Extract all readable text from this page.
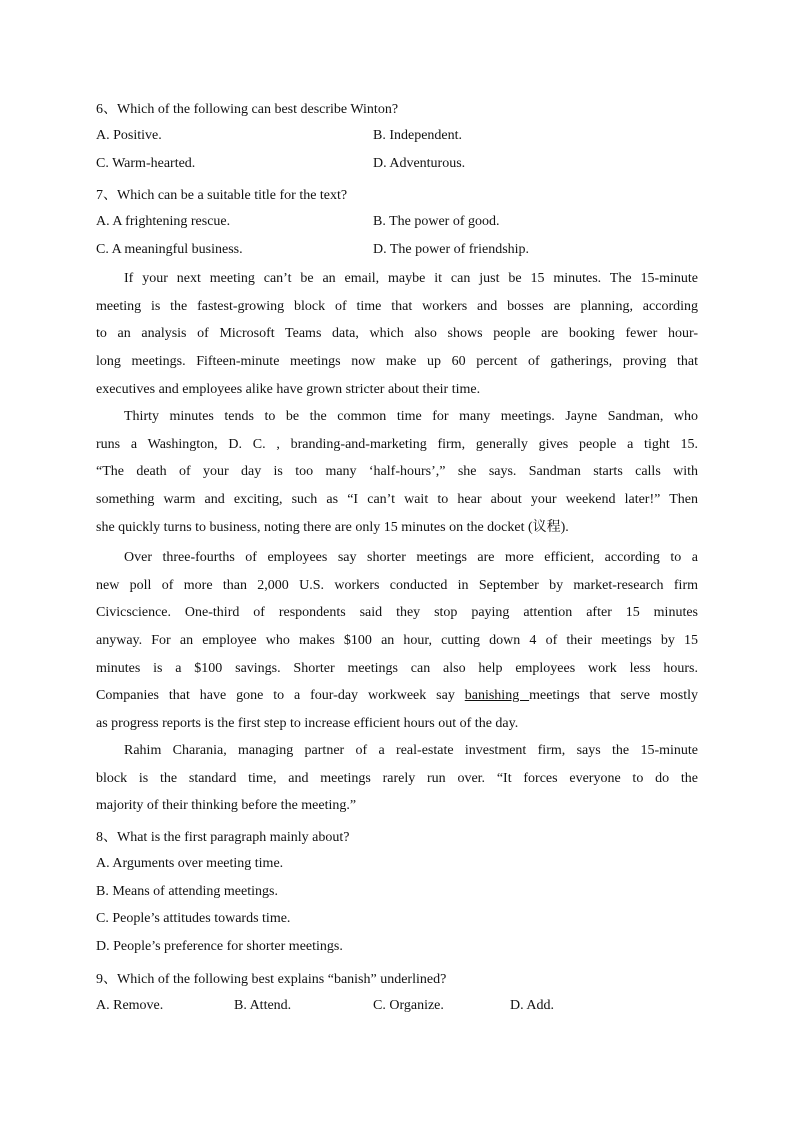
6、Which of the following can best describe Winton?
A. Positive.	B. Independent.
C. Warm-hearted.	D. Adventurous.
7、Which can be a suitable title for the text?
A. A frightening rescue.	B. The power of good.
C. A meaningful business.	D. The power of friendship.
If your next meeting can’t be an email, maybe it can just be 15 minutes. The 15-minute
meeting is the fastest-growing block of time that workers and bosses are planning, according
to an analysis of Microsoft Teams data, which also shows people are booking fewer hour-
long meetings. Fifteen-minute meetings now make up 60 percent of gatherings, proving that
executives and employees alike have grown stricter about their time.
Thirty minutes tends to be the common time for many meetings. Jayne Sandman, who
runs a Washington, D. C. , branding-and-marketing firm, generally gives people a tight 15.
“The death of your day is too many ‘half-hours’,” she says. Sandman starts calls with
something warm and exciting, such as “I can’t wait to hear about your weekend later!” Then
she quickly turns to business, noting there are only 15 minutes on the docket (议程).
Over three-fourths of employees say shorter meetings are more efficient, according to a
new poll of more than 2,000 U.S. workers conducted in September by market-research firm
Civicscience. One-third of respondents said they stop paying attention after 15 minutes
anyway. For an employee who makes $100 an hour, cutting down 4 of their meetings by 15
minutes is a $100 savings. Shorter meetings can also help employees work less hours.
Companies that have gone to a four-day workweek say banishing meetings that serve mostly
as progress reports is the first step to increase efficient hours out of the day.
Rahim Charania, managing partner of a real-estate investment firm, says the 15-minute
block is the standard time, and meetings rarely run over. “It forces everyone to do the
majority of their thinking before the meeting.”
8、What is the first paragraph mainly about?
A. Arguments over meeting time.
B. Means of attending meetings.
C. People’s attitudes towards time.
D. People’s preference for shorter meetings.
9、Which of the following best explains “banish” underlined?
A. Remove.	B. Attend.	C. Organize.	D. Add.
